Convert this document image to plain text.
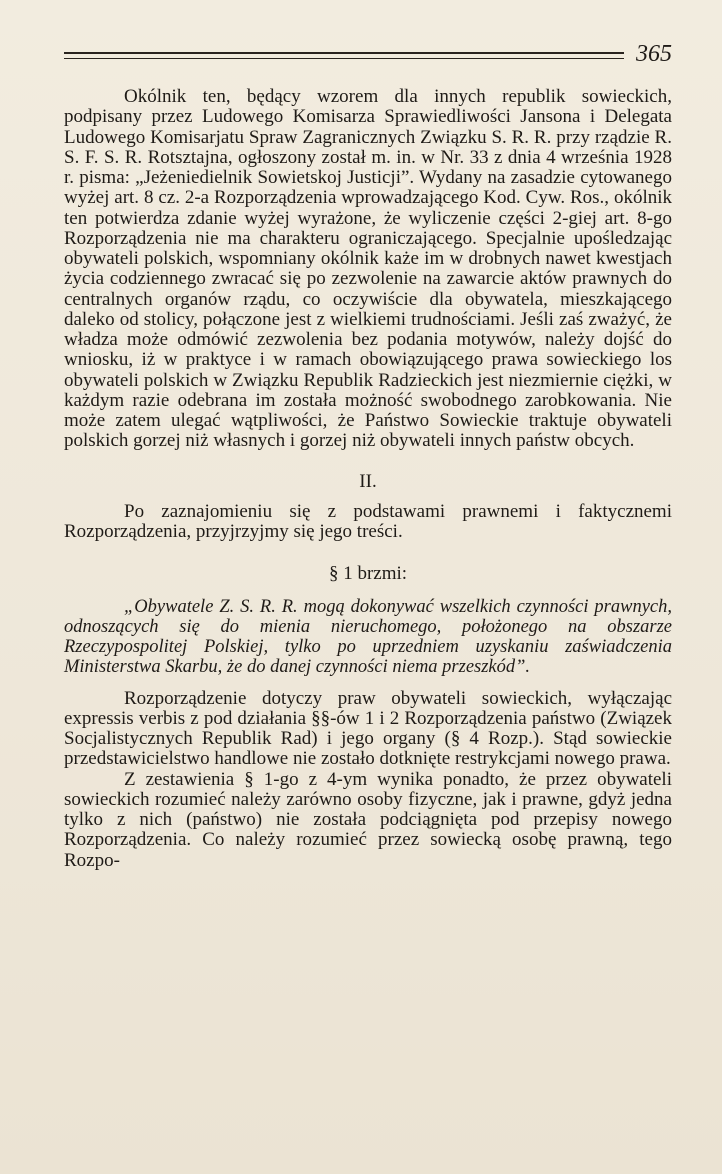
365

Okólnik ten, będący wzorem dla innych republik sowieckich, podpisany przez Ludowego Komisarza Sprawiedliwości Jansona i Delegata Ludowego Komisarjatu Spraw Zagranicznych Związku S. R. R. przy rządzie R. S. F. S. R. Rotsztajna, ogłoszony został m. in. w Nr. 33 z dnia 4 września 1928 r. pisma: „Jeżeniedielnik Sowietskoj Justicji”. Wydany na zasadzie cytowanego wyżej art. 8 cz. 2-a Rozporządzenia wprowadzającego Kod. Cyw. Ros., okólnik ten potwierdza zdanie wyżej wyrażone, że wyliczenie części 2-giej art. 8-go Rozporządzenia nie ma charakteru ograniczającego. Specjalnie upośledzając obywateli polskich, wspomniany okólnik każe im w drobnych nawet kwestjach życia codziennego zwracać się po zezwolenie na zawarcie aktów prawnych do centralnych organów rządu, co oczywiście dla obywatela, mieszkającego daleko od stolicy, połączone jest z wielkiemi trudnościami. Jeśli zaś zważyć, że władza może odmówić zezwolenia bez podania motywów, należy dojść do wniosku, iż w praktyce i w ramach obowiązującego prawa sowieckiego los obywateli polskich w Związku Republik Radzieckich jest niezmiernie ciężki, w każdym razie odebrana im została możność swobodnego zarobkowania. Nie może zatem ulegać wątpliwości, że Państwo Sowieckie traktuje obywateli polskich gorzej niż własnych i gorzej niż obywateli innych państw obcych.

II.

Po zaznajomieniu się z podstawami prawnemi i faktycznemi Rozporządzenia, przyjrzyjmy się jego treści.

§ 1 brzmi:

„Obywatele Z. S. R. R. mogą dokonywać wszelkich czynności prawnych, odnoszących się do mienia nieruchomego, położonego na obszarze Rzeczypospolitej Polskiej, tylko po uprzedniem uzyskaniu zaświadczenia Ministerstwa Skarbu, że do danej czynności niema przeszkód”.

Rozporządzenie dotyczy praw obywateli sowieckich, wyłączając expressis verbis z pod działania §§-ów 1 i 2 Rozporządzenia państwo (Związek Socjalistycznych Republik Rad) i jego organy (§ 4 Rozp.). Stąd sowieckie przedstawicielstwo handlowe nie zostało dotknięte restrykcjami nowego prawa.

Z zestawienia § 1-go z 4-ym wynika ponadto, że przez obywateli sowieckich rozumieć należy zarówno osoby fizyczne, jak i prawne, gdyż jedna tylko z nich (państwo) nie została podciągnięta pod przepisy nowego Rozporządzenia. Co należy rozumieć przez sowiecką osobę prawną, tego Rozpo-
